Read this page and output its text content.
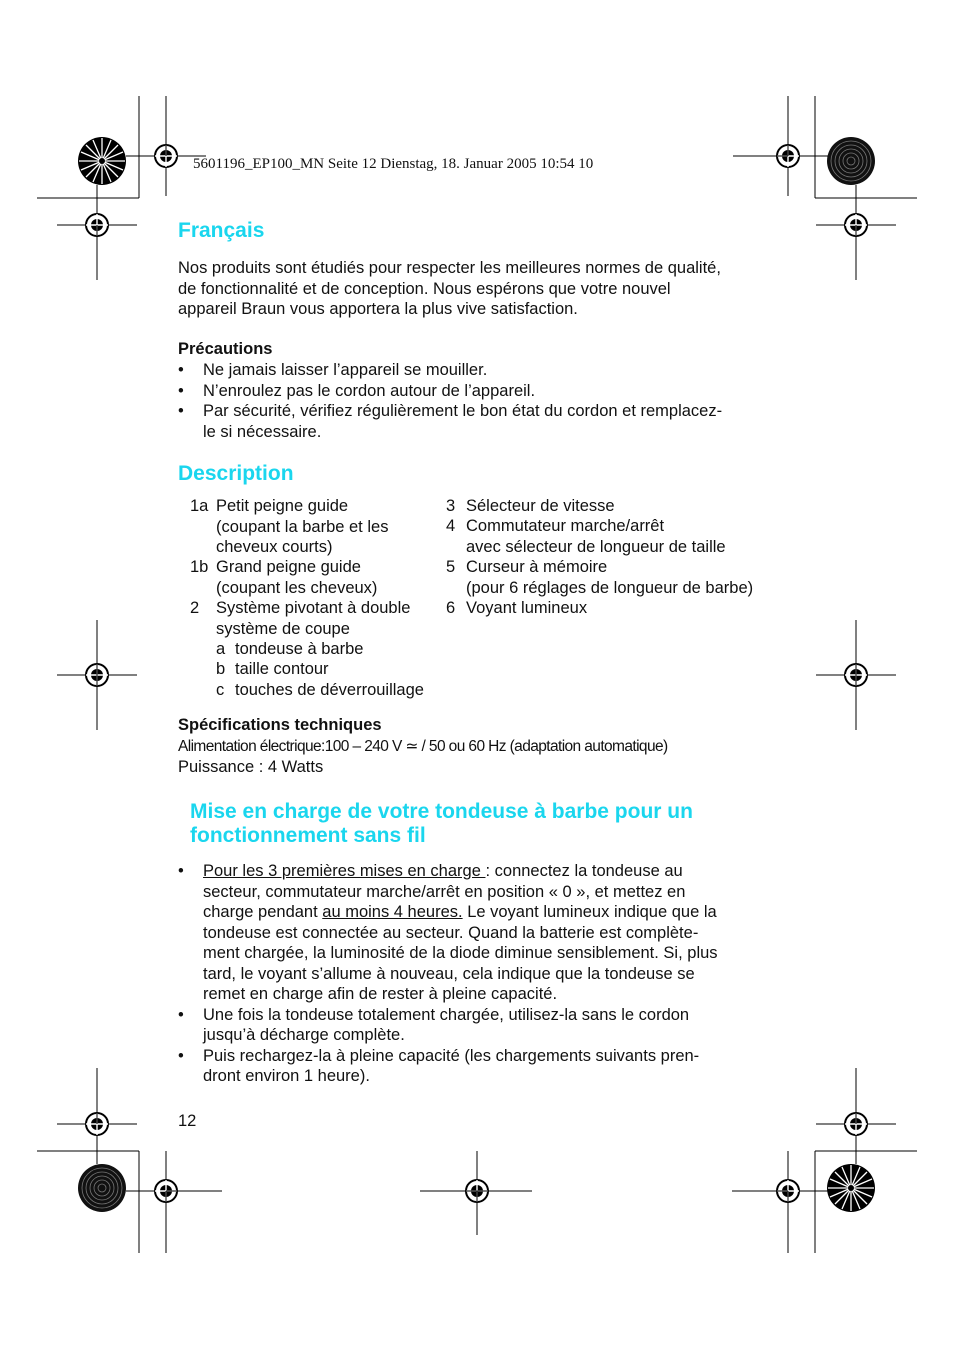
5601196_EP100_MN Seite 12 Dienstag, 18. Januar 2005 10:54 10
Français

Nos produits sont étudiés pour respecter les meilleures normes de qualité,
de fonctionnalité et de conception. Nous espérons que votre nouvel
appareil Braun vous apportera la plus vive satisfaction.

Précautions
• Ne jamais laisser l’appareil se mouiller.
• N’enroulez pas le cordon autour de l’appareil.
• Par sécurité, vérifiez régulièrement le bon état du cordon et remplacez-
le si nécessaire.
Description
1a Petit peigne guide
(coupant la barbe et les
cheveux courts)
1b Grand peigne guide
(coupant les cheveux)
2 Système pivotant à double
système de coupe
a tondeuse à barbe
b taille contour
c touches de déverrouillage
3 Sélecteur de vitesse
4 Commutateur marche/arrêt
avec sélecteur de longueur de taille
5 Curseur à mémoire
(pour 6 réglages de longueur de barbe)
6 Voyant lumineux
Spécifications techniques
Alimentation électrique:100 – 240 V ≃ / 50 ou 60 Hz (adaptation automatique)
Puissance : 4 Watts
Mise en charge de votre tondeuse à barbe pour un
fonctionnement sans fil
• Pour les 3 premières mises en charge : connectez la tondeuse au
secteur, commutateur marche/arrêt en position « 0 », et mettez en
charge pendant au moins 4 heures. Le voyant lumineux indique que la
tondeuse est connectée au secteur. Quand la batterie est complète-
ment chargée, la luminosité de la diode diminue sensiblement. Si, plus
tard, le voyant s’allume à nouveau, cela indique que la tondeuse se
remet en charge afin de rester à pleine capacité.
• Une fois la tondeuse totalement chargée, utilisez-la sans le cordon
jusqu’à décharge complète.
• Puis rechargez-la à pleine capacité (les chargements suivants pren-
dront environ 1 heure).
12
